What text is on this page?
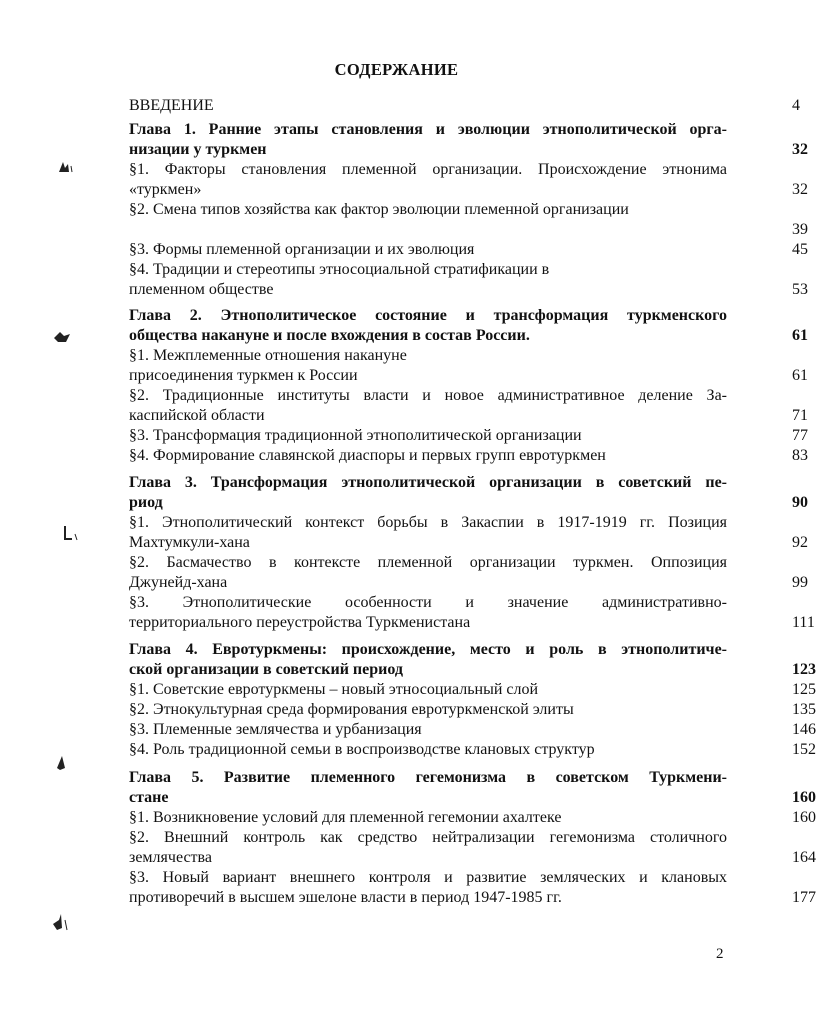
СОДЕРЖАНИЕ
ВВЕДЕНИЕ	4
Глава 1. Ранние этапы становления и эволюции этнополитической орга-
низации у туркмен	32
§1. Факторы становления племенной организации. Происхождение этнонима
«туркмен»	32
§2. Смена типов хозяйства как фактор эволюции племенной организации
39
§3. Формы племенной организации и их эволюция	45
§4. Традиции и стереотипы этносоциальной стратификации в
племенном обществе	53
Глава 2. Этнополитическое состояние и трансформация туркменского
общества накануне и после вхождения в состав России.	61
§1. Межплеменные отношения накануне
присоединения туркмен к России	61
§2. Традиционные институты власти и новое административное деление За-
каспийской области	71
§3. Трансформация традиционной этнополитической организации	77
§4. Формирование славянской диаспоры и первых групп евротуркмен	83
Глава 3. Трансформация этнополитической организации в советский пе-
риод	90
§1. Этнополитический контекст борьбы в Закаспии в 1917-1919 гг. Позиция
Махтумкули-хана	92
§2. Басмачество в контексте племенной организации туркмен. Оппозиция
Джунейд-хана	99
§3. Этнополитические особенности и значение административно-
территориального переустройства Туркменистана	111
Глава 4. Евротуркмены: происхождение, место и роль в этнополитиче-
ской организации в советский период	123
§1. Советские евротуркмены – новый этносоциальный слой	125
§2. Этнокультурная среда формирования евротуркменской элиты	135
§3. Племенные землячества и урбанизация	146
§4. Роль традиционной семьи в воспроизводстве клановых структур	152
Глава 5. Развитие племенного гегемонизма в советском Туркмени-
стане	160
§1. Возникновение условий для племенной гегемонии ахалтеке	160
§2. Внешний контроль как средство нейтрализации гегемонизма столичного
землячества	164
§3. Новый вариант внешнего контроля и развитие землячеcких и клановых
противоречий в высшем эшелоне власти в период 1947-1985 гг.	177
2
